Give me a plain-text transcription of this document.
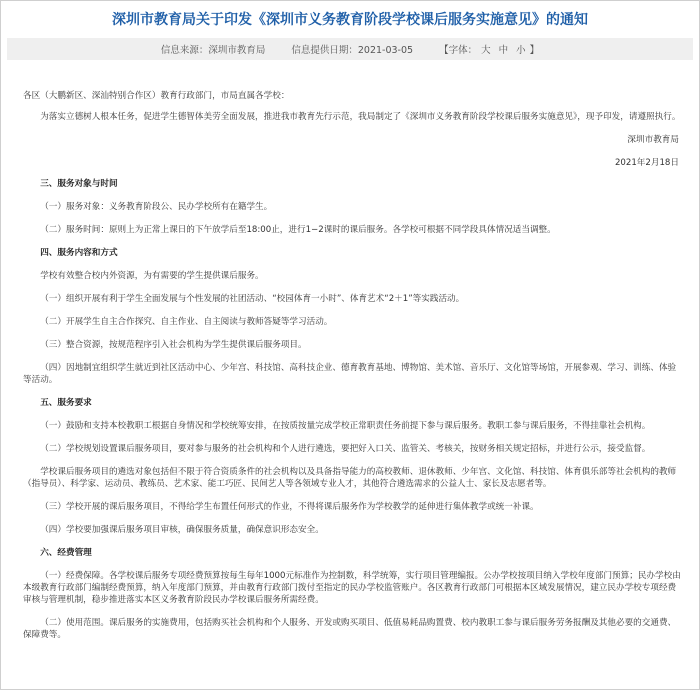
深圳市教育局关于印发《深圳市义务教育阶段学校课后服务实施意见》的通知
信息来源：深圳市教育局	信息提供日期：2021-03-05	【字体： 大 中 小 】

各区（大鹏新区、深汕特别合作区）教育行政部门，市局直属各学校：

为落实立德树人根本任务，促进学生德智体美劳全面发展，推进我市教育先行示范，我局制定了《深圳市义务教育阶段学校课后服务实施意见》，现予印发，请遵照执行。

深圳市教育局

2021年2月18日

三、服务对象与时间

（一）服务对象：义务教育阶段公、民办学校所有在籍学生。

（二）服务时间：原则上为正常上课日的下午放学后至18:00止，进行1−2课时的课后服务。各学校可根据不同学段具体情况适当调整。

四、服务内容和方式

学校有效整合校内外资源，为有需要的学生提供课后服务。

（一）组织开展有利于学生全面发展与个性发展的社团活动、“校园体育一小时”、体育艺术“2＋1”等实践活动。

（二）开展学生自主合作探究、自主作业、自主阅读与教师答疑等学习活动。

（三）整合资源，按规范程序引入社会机构为学生提供课后服务项目。

（四）因地制宜组织学生就近到社区活动中心、少年宫、科技馆、高科技企业、德育教育基地、博物馆、美术馆、音乐厅、文化馆等场馆，开展参观、学习、训练、体验等活动。

五、服务要求

（一）鼓励和支持本校教职工根据自身情况和学校统筹安排，在按质按量完成学校正常职责任务前提下参与课后服务。教职工参与课后服务，不得挂靠社会机构。

（二）学校规划设置课后服务项目，要对参与服务的社会机构和个人进行遴选，要把好入口关、监管关、考核关，按财务相关规定招标，并进行公示，接受监督。

学校课后服务项目的遴选对象包括但不限于符合资质条件的社会机构以及具备指导能力的高校教师、退休教师、少年宫、文化馆、科技馆、体育俱乐部等社会机构的教师（指导员）、科学家、运动员、教练员、艺术家、能工巧匠、民间艺人等各领域专业人才，其他符合遴选需求的公益人士、家长及志愿者等。

（三）学校开展的课后服务项目，不得给学生布置任何形式的作业，不得将课后服务作为学校教学的延伸进行集体教学或统一补课。

（四）学校要加强课后服务项目审核，确保服务质量，确保意识形态安全。

六、经费管理

（一）经费保障。各学校课后服务专项经费预算按每生每年1000元标准作为控制数，科学统筹，实行项目管理编报。公办学校按项目纳入学校年度部门预算；民办学校由本级教育行政部门编制经费预算，纳入年度部门预算，并由教育行政部门拨付至指定的民办学校监管账户。各区教育行政部门可根据本区域发展情况，建立民办学校专项经费审核与管理机制，稳步推进落实本区义务教育阶段民办学校课后服务所需经费。

（二）使用范围。课后服务的实施费用，包括购买社会机构和个人服务、开发或购买项目、低值易耗品购置费、校内教职工参与课后服务劳务报酬及其他必要的交通费、保障费等。
